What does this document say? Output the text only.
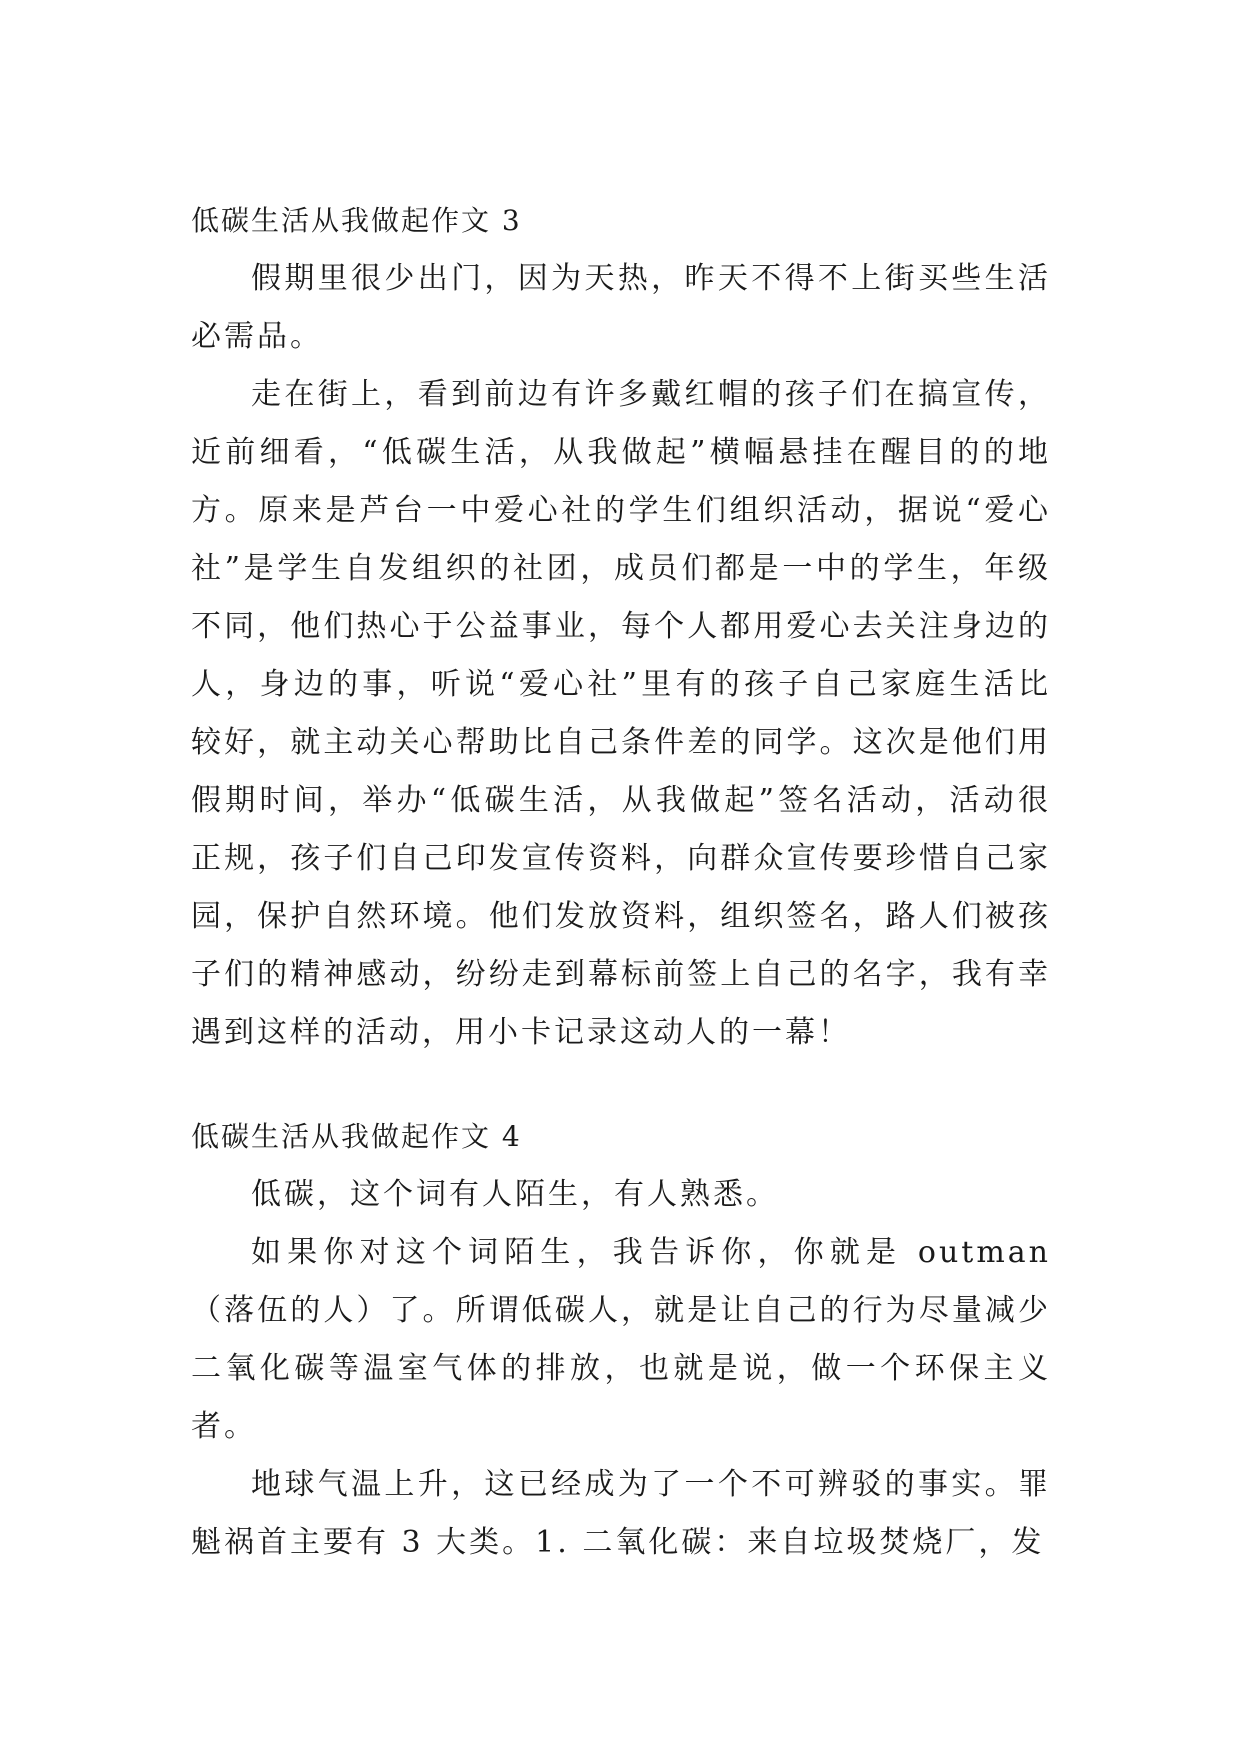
低碳生活从我做起作文 3

假期里很少出门，因为天热，昨天不得不上街买些生活必需品。

走在街上，看到前边有许多戴红帽的孩子们在搞宣传，近前细看，“低碳生活，从我做起”横幅悬挂在醒目的的地方。原来是芦台一中爱心社的学生们组织活动，据说“爱心社”是学生自发组织的社团，成员们都是一中的学生，年级不同，他们热心于公益事业，每个人都用爱心去关注身边的人，身边的事，听说“爱心社”里有的孩子自己家庭生活比较好，就主动关心帮助比自己条件差的同学。这次是他们用假期时间，举办“低碳生活，从我做起”签名活动，活动很正规，孩子们自己印发宣传资料，向群众宣传要珍惜自己家园，保护自然环境。他们发放资料，组织签名，路人们被孩子们的精神感动，纷纷走到幕标前签上自己的名字，我有幸遇到这样的活动，用小卡记录这动人的一幕！

低碳生活从我做起作文 4

低碳，这个词有人陌生，有人熟悉。

如果你对这个词陌生，我告诉你，你就是 outman（落伍的人）了。所谓低碳人，就是让自己的行为尽量减少二氧化碳等温室气体的排放，也就是说，做一个环保主义者。

地球气温上升，这已经成为了一个不可辨驳的事实。罪魁祸首主要有 3 大类。1. 二氧化碳：来自垃圾焚烧厂，发
